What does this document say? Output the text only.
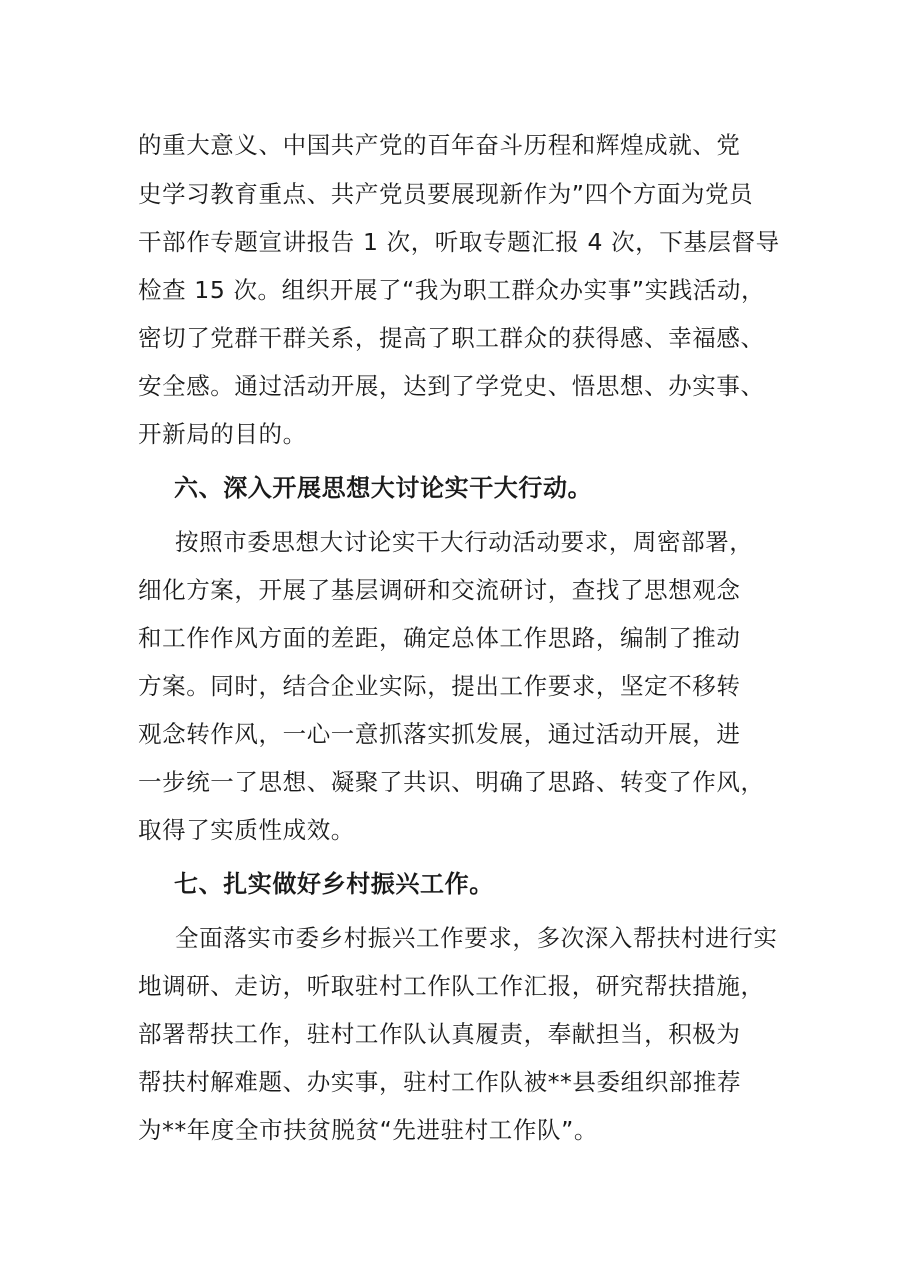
的重大意义、中国共产党的百年奋斗历程和辉煌成就、党
史学习教育重点、共产党员要展现新作为”四个方面为党员
干部作专题宣讲报告 1 次，听取专题汇报 4 次，下基层督导
检查 15 次。组织开展了“我为职工群众办实事”实践活动，
密切了党群干群关系，提高了职工群众的获得感、幸福感、
安全感。通过活动开展，达到了学党史、悟思想、办实事、
开新局的目的。
六、深入开展思想大讨论实干大行动。
按照市委思想大讨论实干大行动活动要求，周密部署，
细化方案，开展了基层调研和交流研讨，查找了思想观念
和工作作风方面的差距，确定总体工作思路，编制了推动
方案。同时，结合企业实际，提出工作要求，坚定不移转
观念转作风，一心一意抓落实抓发展，通过活动开展，进
一步统一了思想、凝聚了共识、明确了思路、转变了作风，
取得了实质性成效。
七、扎实做好乡村振兴工作。
全面落实市委乡村振兴工作要求，多次深入帮扶村进行实
地调研、走访，听取驻村工作队工作汇报，研究帮扶措施，
部署帮扶工作，驻村工作队认真履责，奉献担当，积极为
帮扶村解难题、办实事，驻村工作队被**县委组织部推荐
为**年度全市扶贫脱贫“先进驻村工作队”。
